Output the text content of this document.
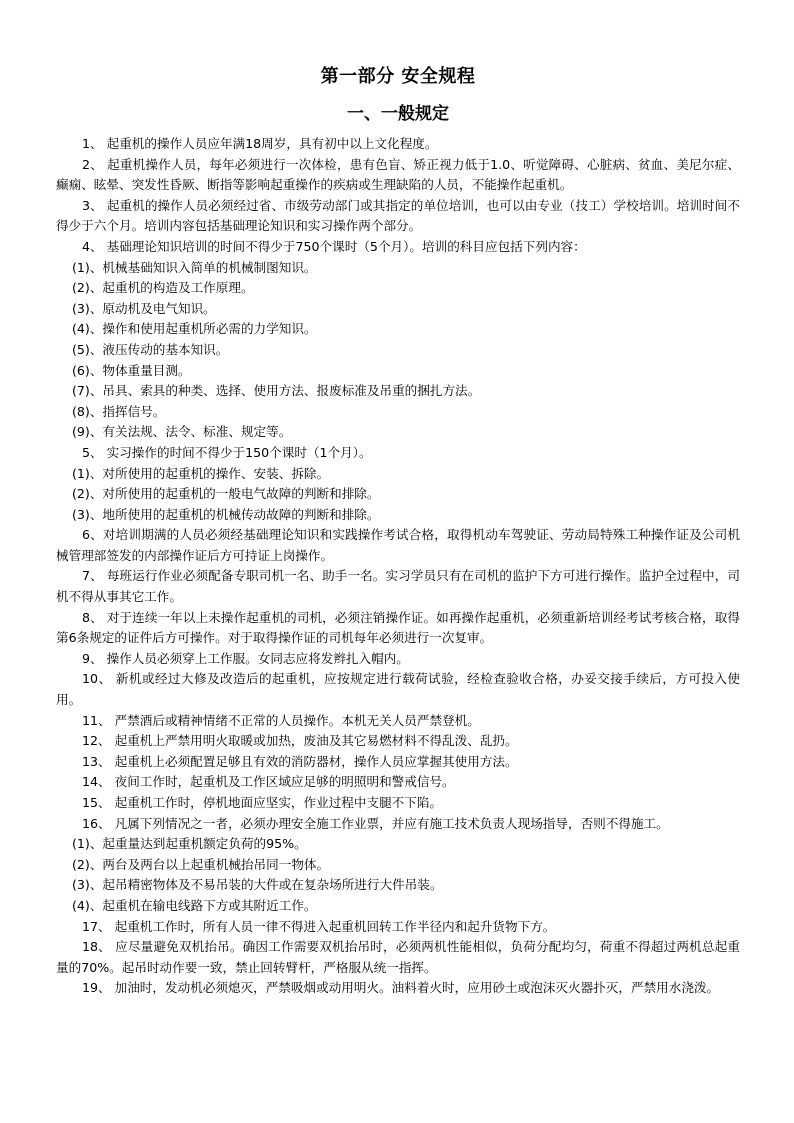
第一部分 安全规程
一、一般规定

1、 起重机的操作人员应年满18周岁，具有初中以上文化程度。

2、 起重机操作人员，每年必须进行一次体检，患有色盲、矫正视力低于1.0、听觉障碍、心脏病、贫血、美尼尔症、癫痫、眩晕、突发性昏厥、断指等影响起重操作的疾病或生理缺陷的人员，不能操作起重机。

3、 起重机的操作人员必须经过省、市级劳动部门或其指定的单位培训，也可以由专业（技工）学校培训。培训时间不得少于六个月。培训内容包括基础理论知识和实习操作两个部分。

4、 基础理论知识培训的时间不得少于750个课时（5个月）。培训的科目应包括下列内容：

(1)、机械基础知识入简单的机械制图知识。

(2)、起重机的构造及工作原理。

(3)、原动机及电气知识。

(4)、操作和使用起重机所必需的力学知识。

(5)、液压传动的基本知识。

(6)、物体重量目测。

(7)、吊具、索具的种类、选择、使用方法、报废标准及吊重的捆扎方法。

(8)、指挥信号。

(9)、有关法规、法令、标准、规定等。

5、 实习操作的时间不得少于150个课时（1个月）。

(1)、对所使用的起重机的操作、安装、拆除。

(2)、对所使用的起重机的一般电气故障的判断和排除。

(3)、地所使用的起重机的机械传动故障的判断和排除。

6、对培训期满的人员必须经基础理论知识和实践操作考试合格，取得机动车驾驶证、劳动局特殊工种操作证及公司机械管理部签发的内部操作证后方可持证上岗操作。

7、 每班运行作业必须配备专职司机一名、助手一名。实习学员只有在司机的监护下方可进行操作。监护全过程中，司机不得从事其它工作。

8、 对于连续一年以上未操作起重机的司机，必须注销操作证。如再操作起重机，必须重新培训经考试考核合格，取得第6条规定的证件后方可操作。对于取得操作证的司机每年必须进行一次复审。

9、 操作人员必须穿上工作服。女同志应将发辫扎入帽内。

10、 新机或经过大修及改造后的起重机，应按规定进行载荷试验，经检查验收合格，办妥交接手续后，方可投入使用。

11、 严禁酒后或精神情绪不正常的人员操作。本机无关人员严禁登机。

12、 起重机上严禁用明火取暖或加热，废油及其它易燃材料不得乱泼、乱扔。

13、 起重机上必须配置足够且有效的消防器材，操作人员应掌握其使用方法。

14、 夜间工作时，起重机及工作区域应足够的明照明和警戒信号。

15、 起重机工作时，停机地面应坚实，作业过程中支腿不下陷。

16、 凡属下列情况之一者，必须办理安全施工作业票，并应有施工技术负责人现场指导，否则不得施工。

(1)、起重量达到起重机额定负荷的95%。

(2)、两台及两台以上起重机械抬吊同一物体。

(3)、起吊精密物体及不易吊装的大件或在复杂场所进行大件吊装。

(4)、起重机在输电线路下方或其附近工作。

17、 起重机工作时，所有人员一律不得进入起重机回转工作半径内和起升货物下方。

18、 应尽量避免双机抬吊。确因工作需要双机抬吊时，必须两机性能相似，负荷分配均匀，荷重不得超过两机总起重量的70%。起吊时动作要一致，禁止回转臂杆，严格服从统一指挥。

19、 加油时，发动机必须熄灭，严禁吸烟或动用明火。油料着火时，应用砂土或泡沫灭火器扑灭，严禁用水浇泼。
